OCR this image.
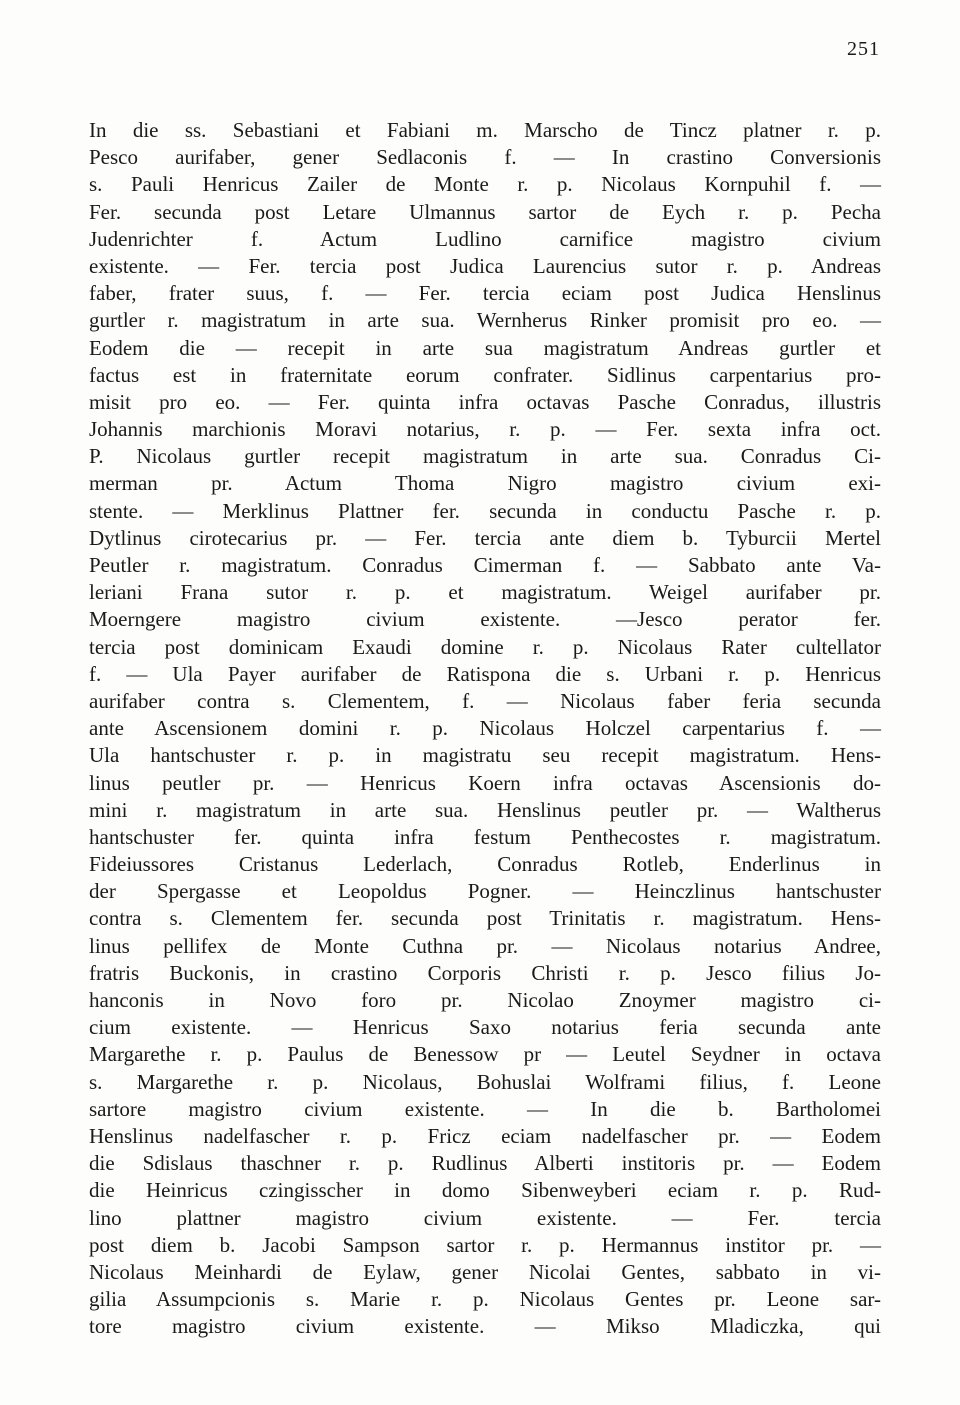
251
In die ss. Sebastiani et Fabiani m. Marscho de Tincz platner r. p.
Pesco aurifaber, gener Sedlaconis f. — In crastino Conversionis
s. Pauli Henricus Zailer de Monte r. p. Nicolaus Kornpuhil f. —
Fer. secunda post Letare Ulmannus sartor de Eych r. p. Pecha
Judenrichter f. Actum Ludlino carnifice magistro civium
existente. — Fer. tercia post Judica Laurencius sutor r. p. Andreas
faber, frater suus, f. — Fer. tercia eciam post Judica Henslinus
gurtler r. magistratum in arte sua. Wernherus Rinker promisit pro eo. —
Eodem die — recepit in arte sua magistratum Andreas gurtler et
factus est in fraternitate eorum confrater. Sidlinus carpentarius pro-
misit pro eo. — Fer. quinta infra octavas Pasche Conradus, illustris
Johannis marchionis Moravi notarius, r. p. — Fer. sexta infra oct.
P. Nicolaus gurtler recepit magistratum in arte sua. Conradus Ci-
merman pr. Actum Thoma Nigro magistro civium exi-
stente. — Merklinus Plattner fer. secunda in conductu Pasche r. p.
Dytlinus cirotecarius pr. — Fer. tercia ante diem b. Tyburcii Mertel
Peutler r. magistratum. Conradus Cimerman f. — Sabbato ante Va-
leriani Frana sutor r. p. et magistratum. Weigel aurifaber pr.
Moerngere magistro civium existente. —Jesco perator fer.
tercia post dominicam Exaudi domine r. p. Nicolaus Rater cultellator
f. — Ula Payer aurifaber de Ratispona die s. Urbani r. p. Henricus
aurifaber contra s. Clementem, f. — Nicolaus faber feria secunda
ante Ascensionem domini r. p. Nicolaus Holczel carpentarius f. —
Ula hantschuster r. p. in magistratu seu recepit magistratum. Hens-
linus peutler pr. — Henricus Koern infra octavas Ascensionis do-
mini r. magistratum in arte sua. Henslinus peutler pr. — Waltherus
hantschuster fer. quinta infra festum Penthecostes r. magistratum.
Fideiussores Cristanus Lederlach, Conradus Rotleb, Enderlinus in
der Spergasse et Leopoldus Pogner. — Heinczlinus hantschuster
contra s. Clementem fer. secunda post Trinitatis r. magistratum. Hens-
linus pellifex de Monte Cuthna pr. — Nicolaus notarius Andree,
fratris Buckonis, in crastino Corporis Christi r. p. Jesco filius Jo-
hanconis in Novo foro pr. Nicolao Znoymer magistro ci-
cium existente. — Henricus Saxo notarius feria secunda ante
Margarethe r. p. Paulus de Benessow pr — Leutel Seydner in octava
s. Margarethe r. p. Nicolaus, Bohuslai Wolframi filius, f. Leone
sartore magistro civium existente. — In die b. Bartholomei
Henslinus nadelfascher r. p. Fricz eciam nadelfascher pr. — Eodem
die Sdislaus thaschner r. p. Rudlinus Alberti institoris pr. — Eodem
die Heinricus czingisscher in domo Sibenweyberi eciam r. p. Rud-
lino plattner magistro civium existente. — Fer. tercia
post diem b. Jacobi Sampson sartor r. p. Hermannus institor pr. —
Nicolaus Meinhardi de Eylaw, gener Nicolai Gentes, sabbato in vi-
gilia Assumpcionis s. Marie r. p. Nicolaus Gentes pr. Leone sar-
tore magistro civium existente. — Mikso Mladiczka, qui
